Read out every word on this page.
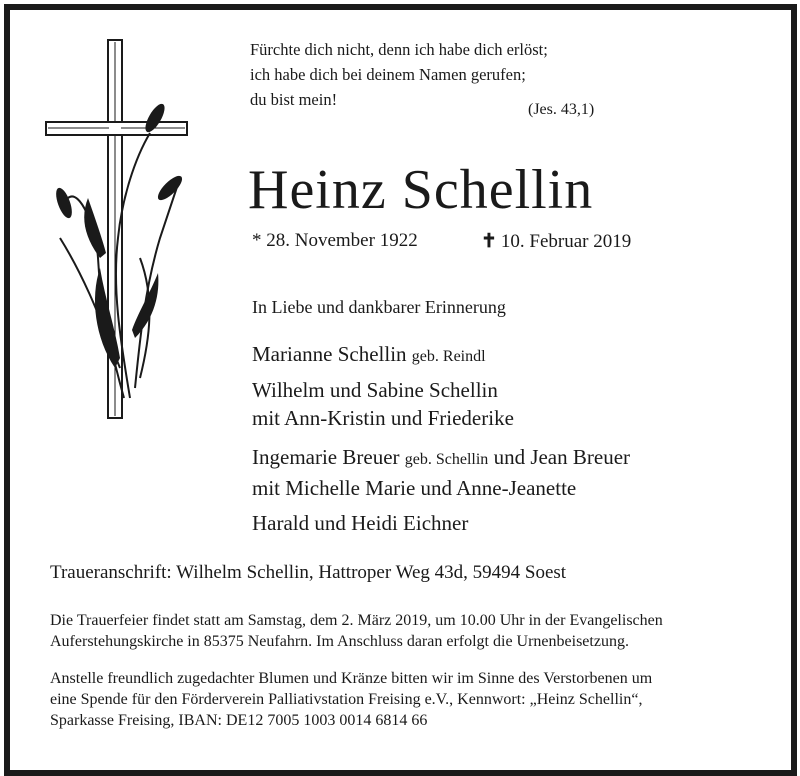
Fürchte dich nicht, denn ich habe dich erlöst;
ich habe dich bei deinem Namen gerufen;
du bist mein!
(Jes. 43,1)
Heinz Schellin
* 28. November 1922	✝ 10. Februar 2019
In Liebe und dankbarer Erinnerung
Marianne Schellin geb. Reindl
Wilhelm und Sabine Schellin
mit Ann-Kristin und Friederike
Ingemarie Breuer geb. Schellin und Jean Breuer
mit Michelle Marie und Anne-Jeanette
Harald und Heidi Eichner
Traueranschrift: Wilhelm Schellin, Hattroper Weg 43d, 59494 Soest
Die Trauerfeier findet statt am Samstag, dem 2. März 2019, um 10.00 Uhr in der Evangelischen
Auferstehungskirche in 85375 Neufahrn. Im Anschluss daran erfolgt die Urnenbeisetzung.
Anstelle freundlich zugedachter Blumen und Kränze bitten wir im Sinne des Verstorbenen um
eine Spende für den Förderverein Palliativstation Freising e.V., Kennwort: „Heinz Schellin“,
Sparkasse Freising, IBAN: DE12 7005 1003 0014 6814 66
